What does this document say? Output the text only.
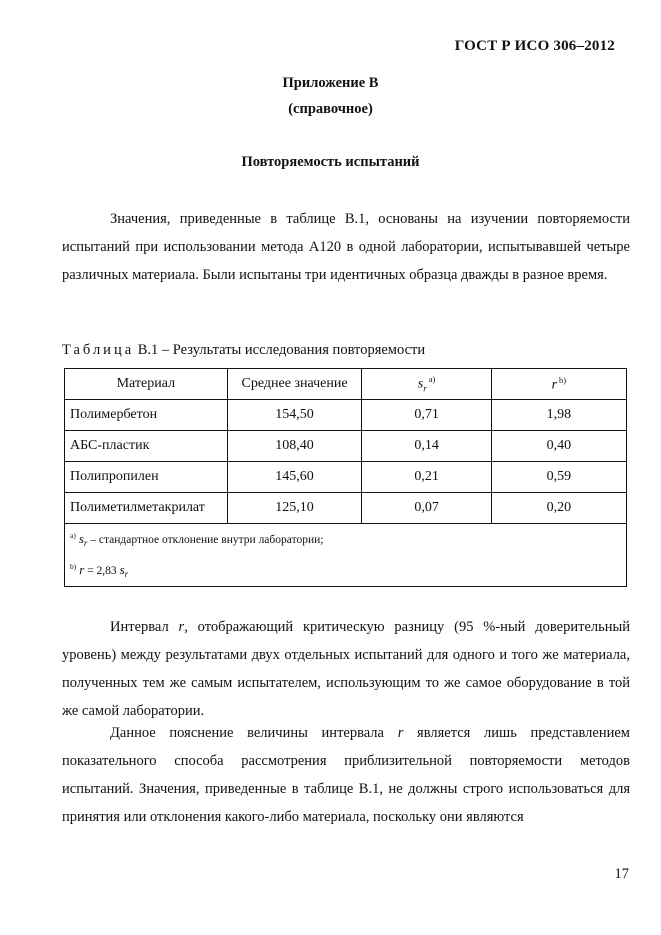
ГОСТ Р ИСО 306–2012
Приложение В
(справочное)
Повторяемость испытаний

Значения, приведенные в таблице В.1, основаны на изучении повторяемости испытаний при использовании метода А120 в одной лаборатории, испытывавшей четыре различных материала. Были испытаны три идентичных образца дважды в разное время.

Таблица В.1 – Результаты исследования повторяемости
Материал	Среднее значение	$s_r^{a)}$	r $^{b)}$
Полимербетон	154,50	0,71	1,98
АБС-пластик	108,40	0,14	0,40
Полипропилен	145,60	0,21	0,59
Полиметилметакрилат	125,10	0,07	0,20

$^{a)}$ $s_r$ – стандартное отклонение внутри лаборатории;
$^{b)}$ r = 2,83 $s_r$

Интервал r, отображающий критическую разницу (95 %-ный доверительный уровень) между результатами двух отдельных испытаний для одного и того же материала, полученных тем же самым испытателем, использующим то же самое оборудование в той же самой лаборатории.

Данное пояснение величины интервала r является лишь представлением показательного способа рассмотрения приблизительной повторяемости методов испытаний. Значения, приведенные в таблице В.1, не должны строго использоваться для принятия или отклонения какого-либо материала, поскольку они являются

17
